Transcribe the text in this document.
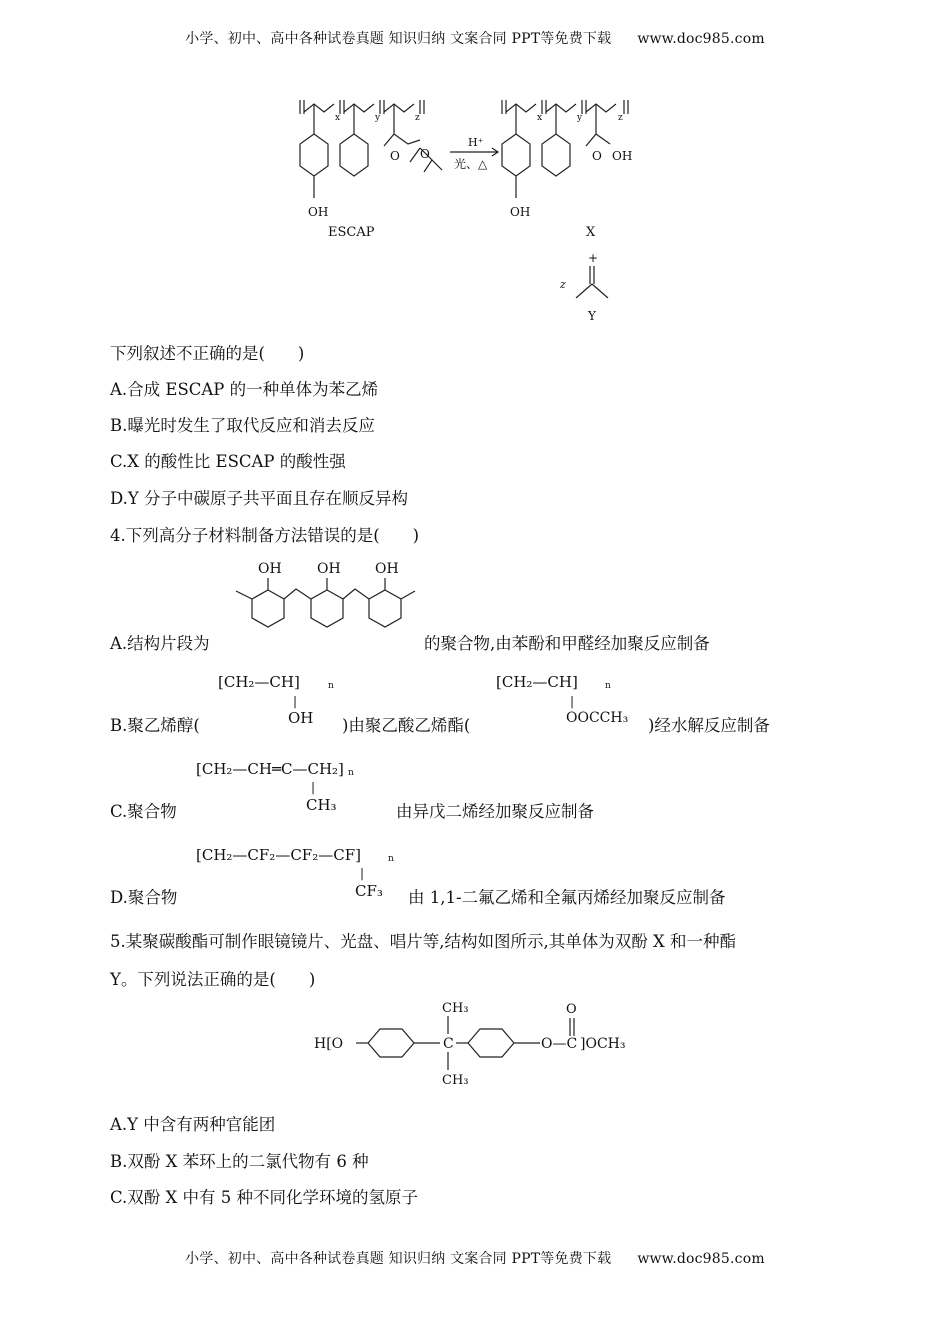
小学、初中、高中各种试卷真题 知识归纳 文案合同 PPT等免费下载 www.doc985.com
x	y	z
OH
O O
ESCAP
H⁺
光、△
x	y	z
OH
O OH
X
+
z
Y
下列叙述不正确的是(　　)
A.合成 ESCAP 的一种单体为苯乙烯
B.曝光时发生了取代反应和消去反应
C.X 的酸性比 ESCAP 的酸性强
D.Y 分子中碳原子共平面且存在顺反异构
4.下列高分子材料制备方法错误的是(　　)
A.结构片段为
OH	OH OH
的聚合物,由苯酚和甲醛经加聚反应制备
[CH₂—CH]	n
|
OH
B.聚乙烯醇(	)由聚乙酸乙烯酯(
[CH₂—CH]	n
|
OOCCH₃ )经水解反应制备
[CH₂—CH═C—CH₂] n
|
CH₃
C.聚合物	由异戊二烯经加聚反应制备
[CH₂—CF₂—CF₂—CF]	n
|
CF₃
D.聚合物	由 1,1-二氟乙烯和全氟丙烯经加聚反应制备
5.某聚碳酸酯可制作眼镜镜片、光盘、唱片等,结构如图所示,其单体为双酚 X 和一种酯
Y。下列说法正确的是(　　)
H[O	C
CH₃
CH₃
O—C
O
]OCH₃
A.Y 中含有两种官能团
B.双酚 X 苯环上的二氯代物有 6 种
C.双酚 X 中有 5 种不同化学环境的氢原子
小学、初中、高中各种试卷真题 知识归纳 文案合同 PPT等免费下载 www.doc985.com
